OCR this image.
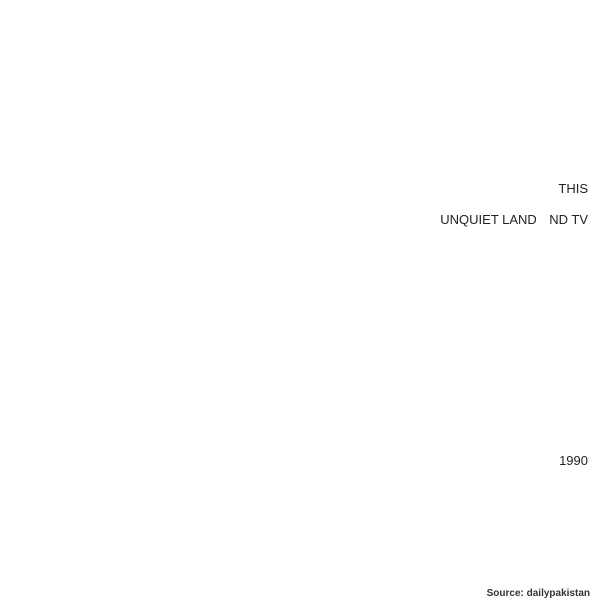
THIS
UNQUIET LAND ND TV
1990
Source: dailypakistan
